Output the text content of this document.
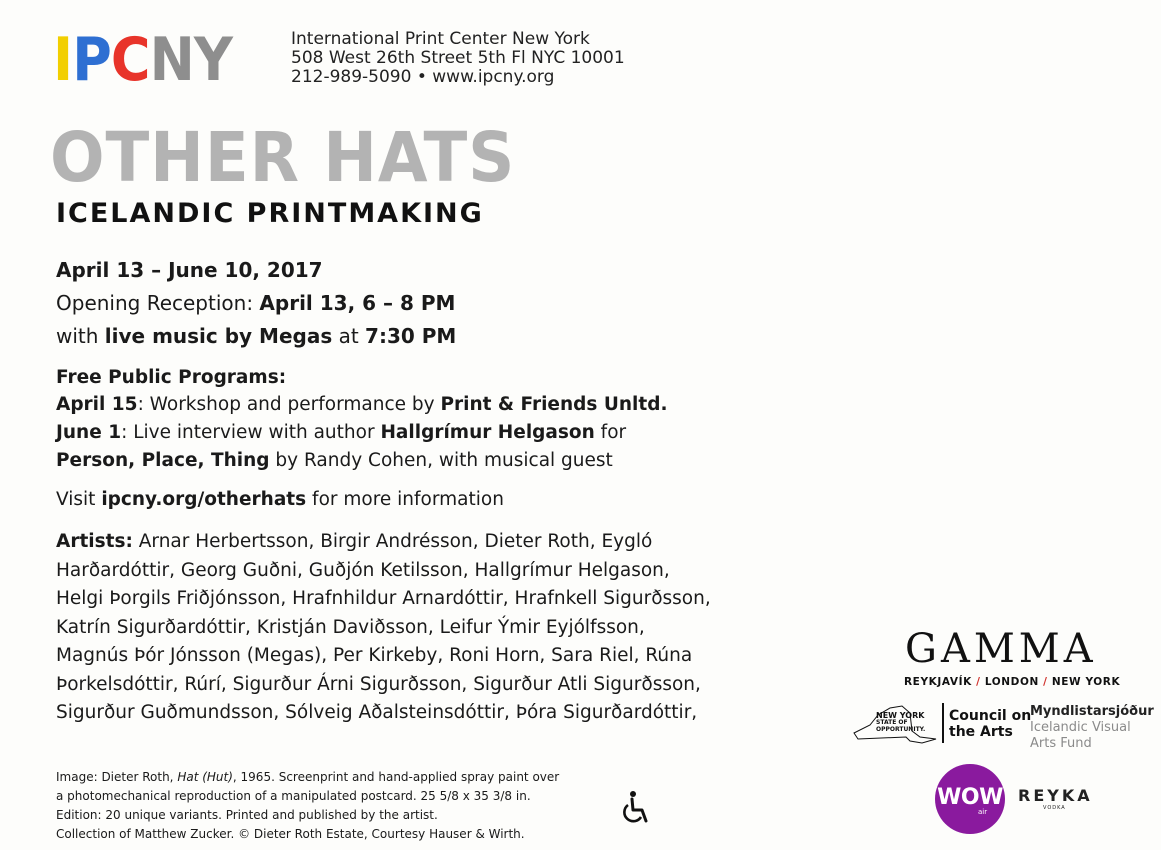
IPCNY	International Print Center New York
508 West 26th Street 5th Fl NYC 10001
212-989-5090 • www.ipcny.org
OTHER HATS
ICELANDIC PRINTMAKING
April 13 – June 10, 2017
Opening Reception: April 13, 6 – 8 PM
with live music by Megas at 7:30 PM
Free Public Programs:
April 15: Workshop and performance by Print & Friends Unltd.
June 1: Live interview with author Hallgrímur Helgason for
Person, Place, Thing by Randy Cohen, with musical guest
Visit ipcny.org/otherhats for more information
Artists: Arnar Herbertsson, Birgir Andrésson, Dieter Roth, Eygló Harðardóttir, Georg Guðni, Guðjón Ketilsson, Hallgrímur Helgason, Helgi Þorgils Friðjónsson, Hrafnhildur Arnardóttir, Hrafnkell Sigurðsson, Katrín Sigurðardóttir, Kristján Daviðsson, Leifur Ýmir Eyjólfsson, Magnús Þór Jónsson (Megas), Per Kirkeby, Roni Horn, Sara Riel, Rúna Þorkelsdóttir, Rúrí, Sigurður Árni Sigurðsson, Sigurður Atli Sigurðsson, Sigurður Guðmundsson, Sólveig Aðalsteinsdóttir, Þóra Sigurðardóttir,
Image: Dieter Roth, Hat (Hut), 1965. Screenprint and hand-applied spray paint over
a photomechanical reproduction of a manipulated postcard. 25 5/8 x 35 3/8 in.
Edition: 20 unique variants. Printed and published by the artist.
Collection of Matthew Zucker. © Dieter Roth Estate, Courtesy Hauser & Wirth.
GAMMA
REYKJAVÍK / LONDON / NEW YORK
NEW YORK
STATE OF
OPPORTUNITY.
Council on
the Arts
Myndlistarsjóður
Icelandic Visual Arts Fund
WOW
air
REYKA
VODKA
